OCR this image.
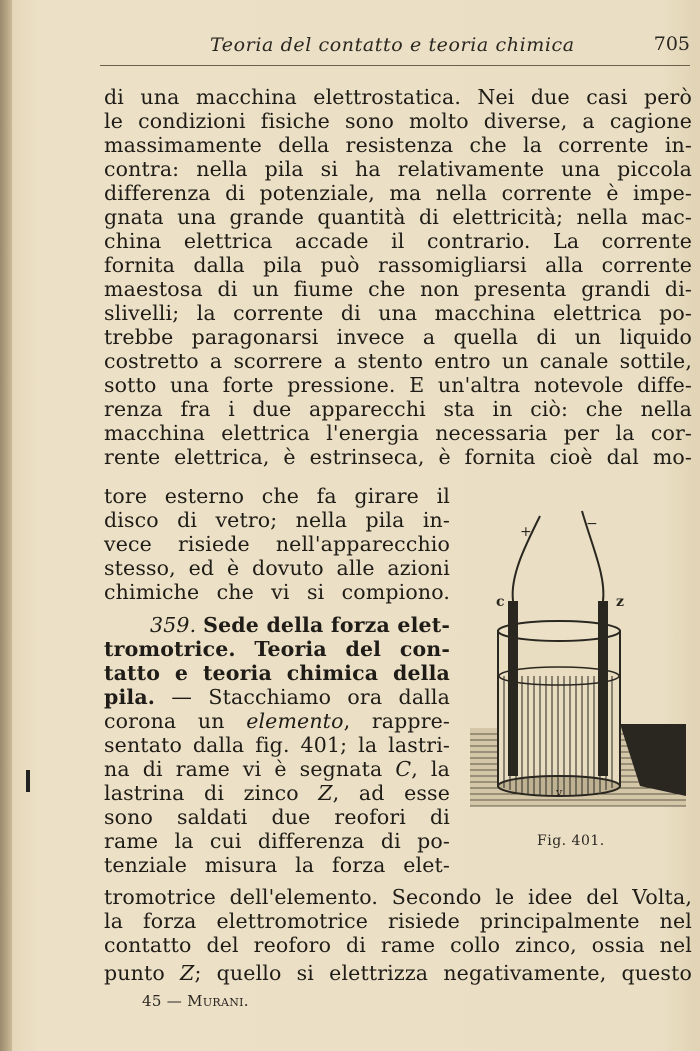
Teoria del contatto e teoria chimica	705
di una macchina elettrostatica. Nei due casi però
le condizioni fisiche sono molto diverse, a cagione
massimamente della resistenza che la corrente in-
contra: nella pila si ha relativamente una piccola
differenza di potenziale, ma nella corrente è impe-
gnata una grande quantità di elettricità; nella mac-
china elettrica accade il contrario. La corrente
fornita dalla pila può rassomigliarsi alla corrente
maestosa di un fiume che non presenta grandi di-
slivelli; la corrente di una macchina elettrica po-
trebbe paragonarsi invece a quella di un liquido
costretto a scorrere a stento entro un canale sottile,
sotto una forte pressione. E un'altra notevole diffe-
renza fra i due apparecchi sta in ciò: che nella
macchina elettrica l'energia necessaria per la cor-
rente elettrica, è estrinseca, è fornita cioè dal mo-
tore esterno che fa girare il
disco di vetro; nella pila in-
vece risiede nell'apparecchio
stesso, ed è dovuto alle azioni
chimiche che vi si compiono.
359. Sede della forza elet-
tromotrice. Teoria del con-
tatto e teoria chimica della
pila. — Stacchiamo ora dalla
corona un elemento, rappre-
sentato dalla fig. 401; la lastri-
na di rame vi è segnata C, la
lastrina di zinco Z, ad esse
sono saldati due reofori di
rame la cui differenza di po-
tenziale misura la forza elet-
tromotrice dell'elemento. Secondo le idee del Volta,
la forza elettromotrice risiede principalmente nel
contatto del reoforo di rame collo zinco, ossia nel
punto Z; quello si elettrizza negativamente, questo
+	−
c	z
v
Fig. 401.
45 — Murani.
